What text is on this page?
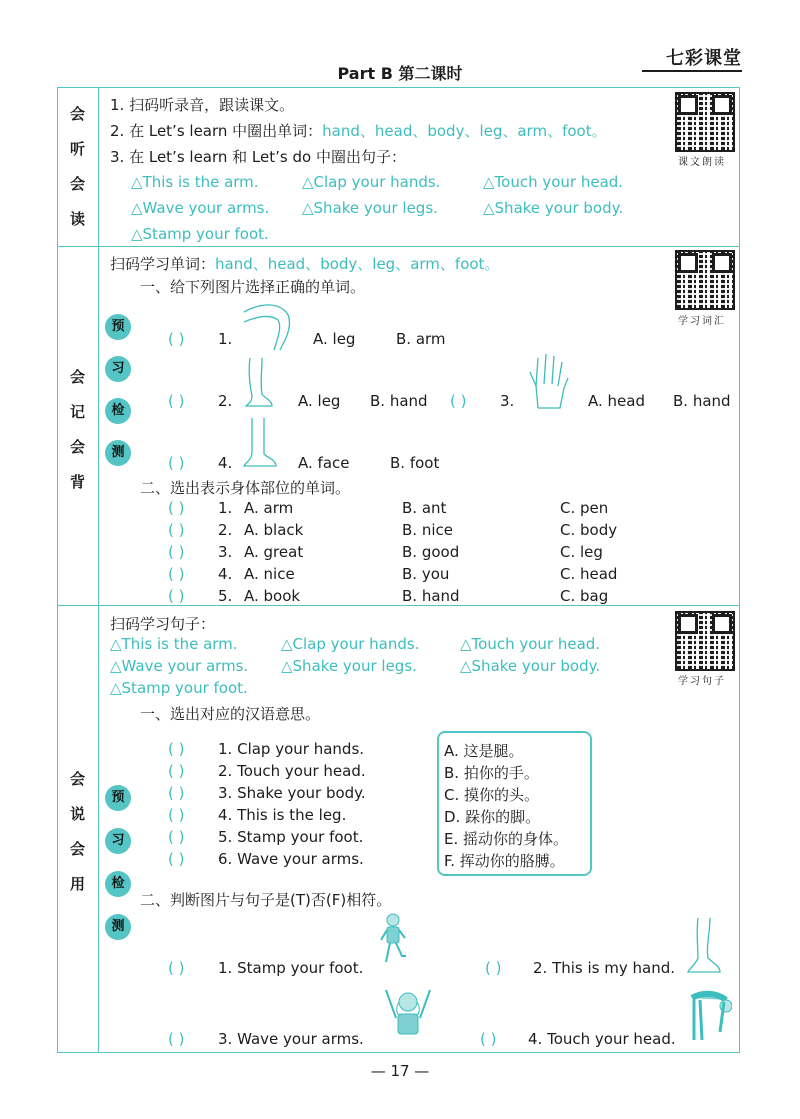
Part B 第二课时
七彩课堂
会
听
会
读
1. 扫码听录音，跟读课文。
2. 在 Let’s learn 中圈出单词：hand、head、body、leg、arm、foot。
3. 在 Let’s learn 和 Let’s do 中圈出句子：
△This is the arm.	△Clap your hands.	△Touch your head.
△Wave your arms. △Shake your legs.	△Shake your body.
△Stamp your foot.
课文朗读
会
记
会
背
预
习
检
测
扫码学习单词：hand、head、body、leg、arm、foot。
学习词汇
一、给下列图片选择正确的单词。
( ) 1.	A. leg	B. arm
( ) 2.	A. leg B. hand ( ) 3.	A. head B. hand
( ) 4.	A. face	B. foot
二、选出表示身体部位的单词。
( ) 1. A. arm	B. ant	C. pen
( ) 2. A. black	B. nice	C. body
( ) 3. A. great	B. good	C. leg
( ) 4. A. nice	B. you	C. head
( ) 5. A. book	B. hand	C. bag
会
说
会
用
预
习
检
测
扫码学习句子：
△This is the arm.	△Clap your hands.	△Touch your head.
△Wave your arms. △Shake your legs.	△Shake your body.
△Stamp your foot.	学习句子
一、选出对应的汉语意思。
( ) 1. Clap your hands.
( ) 2. Touch your head.
( ) 3. Shake your body.
( ) 4. This is the leg.
( ) 5. Stamp your foot.
( ) 6. Wave your arms.
A. 这是腿。
B. 拍你的手。
C. 摸你的头。
D. 跺你的脚。
E. 摇动你的身体。
F. 挥动你的胳膊。
二、判断图片与句子是(T)否(F)相符。
( ) 1. Stamp your foot.	( ) 2. This is my hand.
( ) 3. Wave your arms.	( ) 4. Touch your head.
— 17 —
